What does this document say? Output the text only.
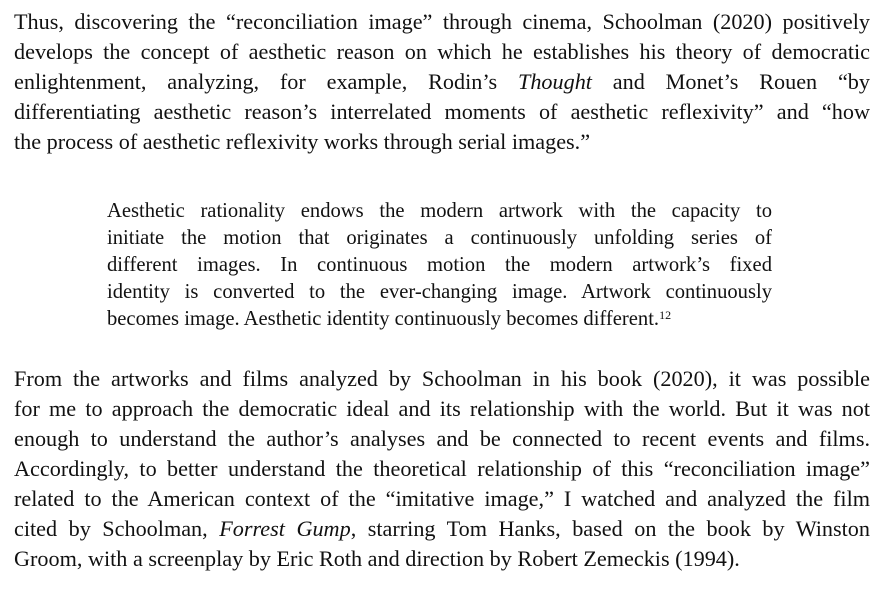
Thus, discovering the “reconciliation image” through cinema, Schoolman (2020) positively
develops the concept of aesthetic reason on which he establishes his theory of democratic
enlightenment, analyzing, for example, Rodin’s Thought and Monet’s Rouen “by
differentiating aesthetic reason’s interrelated moments of aesthetic reflexivity” and “how
the process of aesthetic reflexivity works through serial images.”

Aesthetic rationality endows the modern artwork with the capacity to
initiate the motion that originates a continuously unfolding series of
different images. In continuous motion the modern artwork’s fixed
identity is converted to the ever-changing image. Artwork continuously
becomes image. Aesthetic identity continuously becomes different.$^{12}$

From the artworks and films analyzed by Schoolman in his book (2020), it was possible
for me to approach the democratic ideal and its relationship with the world. But it was not
enough to understand the author’s analyses and be connected to recent events and films.
Accordingly, to better understand the theoretical relationship of this “reconciliation image”
related to the American context of the “imitative image,” I watched and analyzed the film
cited by Schoolman, Forrest Gump, starring Tom Hanks, based on the book by Winston
Groom, with a screenplay by Eric Roth and direction by Robert Zemeckis (1994).
